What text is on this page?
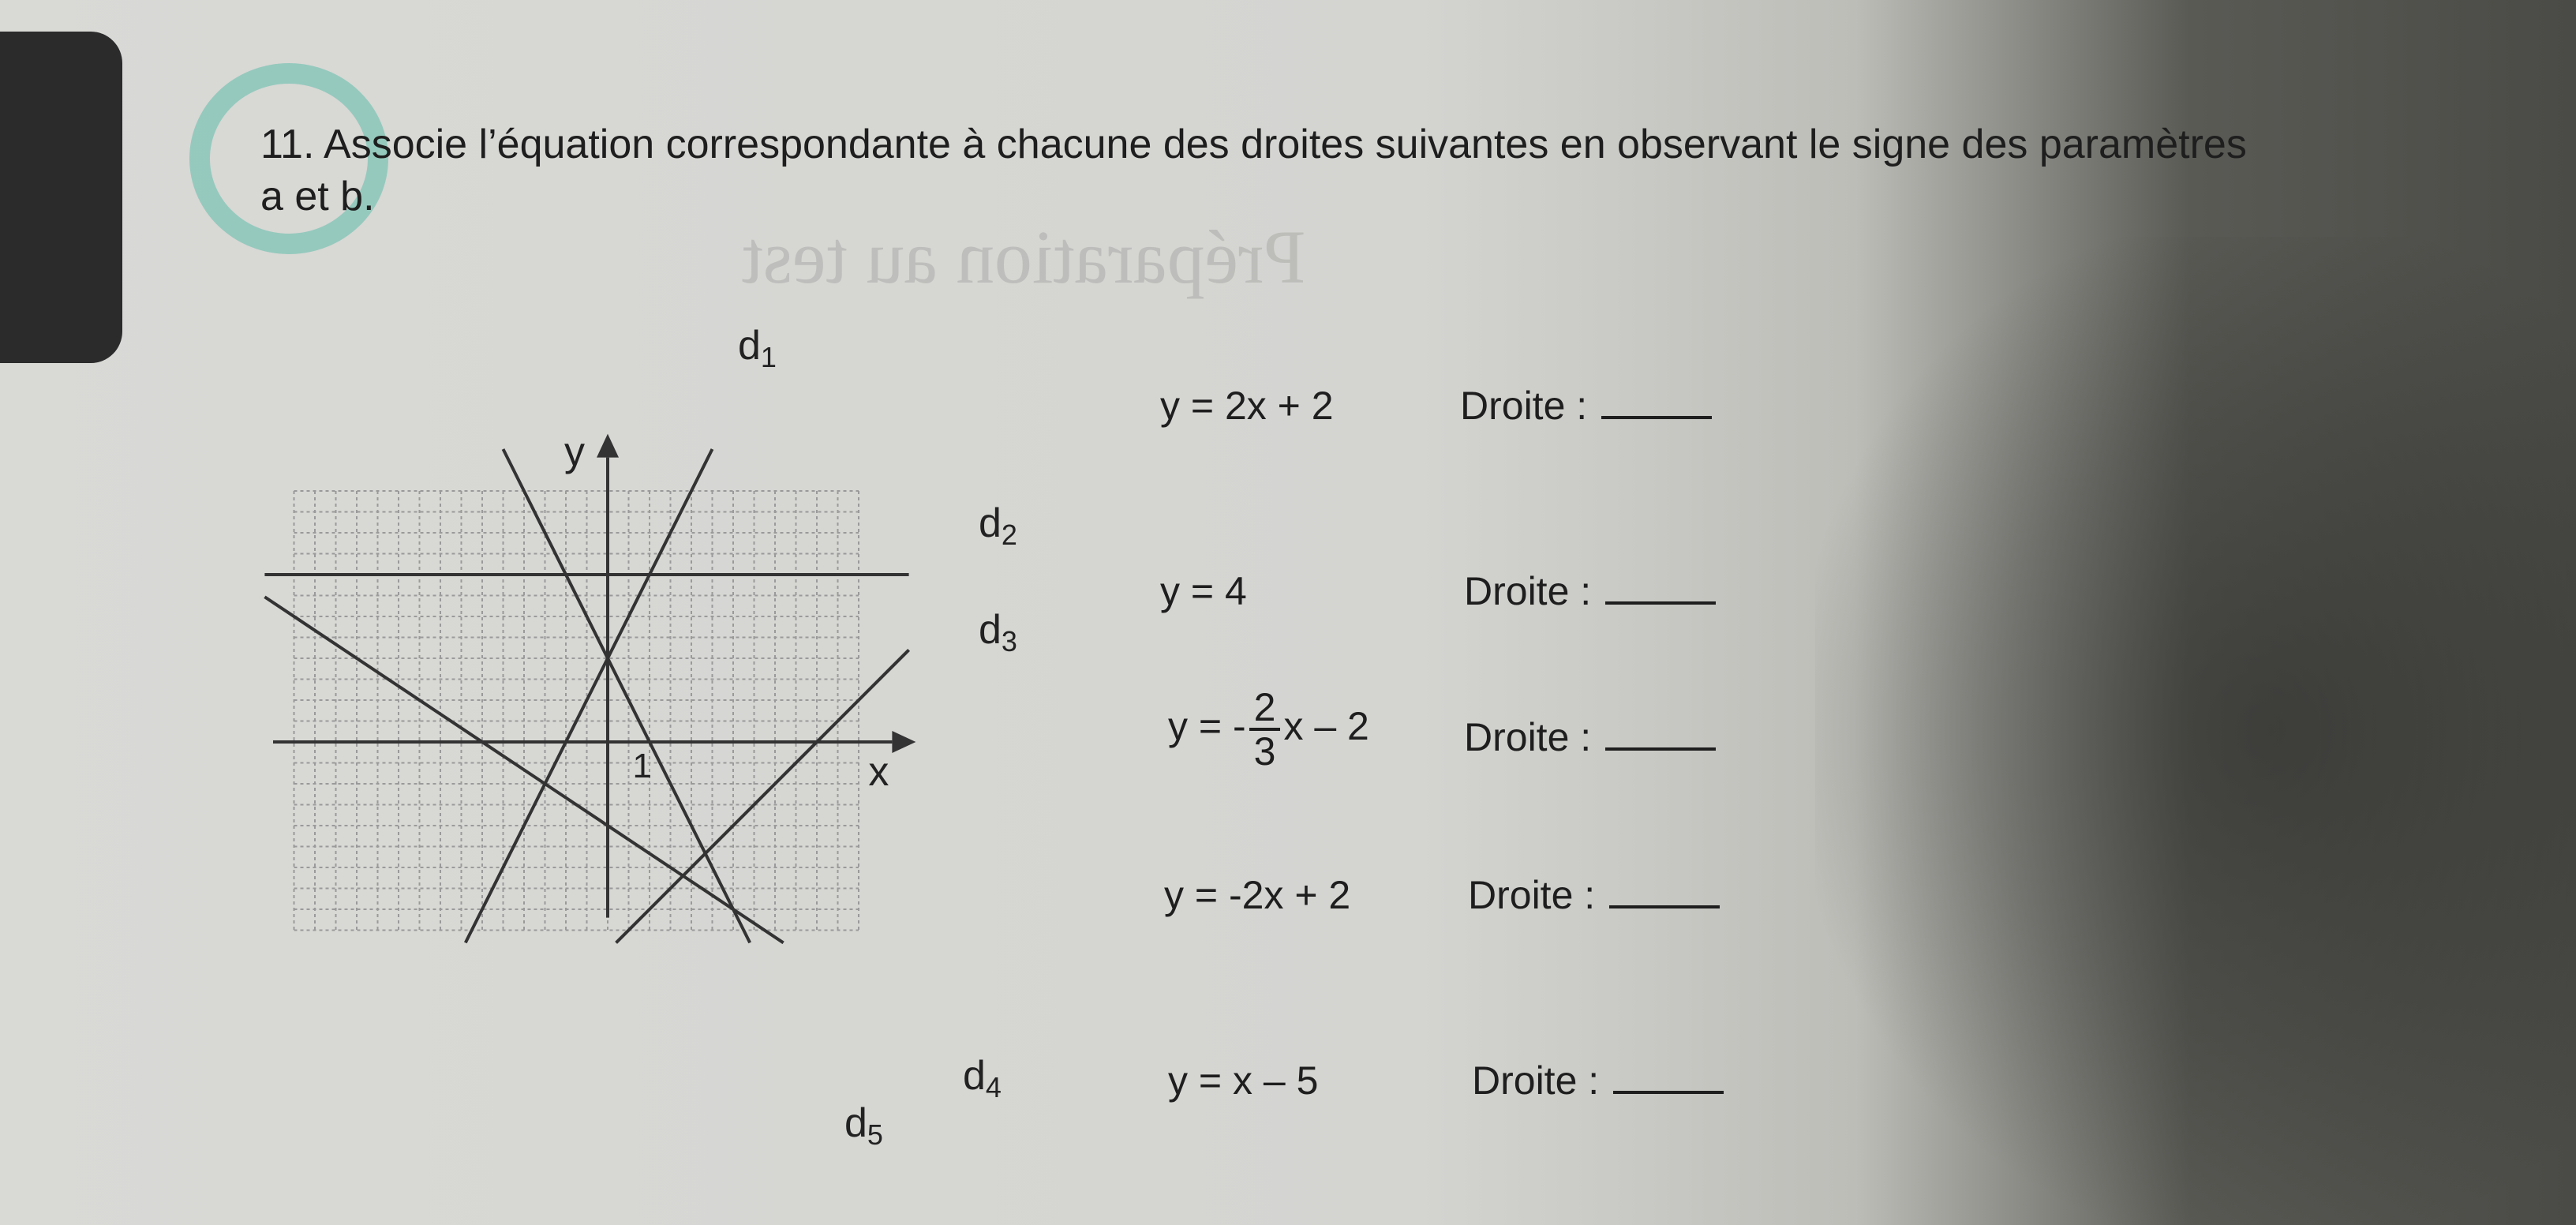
Préparation au test
11. Associe l’équation correspondante à chacune des droites suivantes en observant le signe des paramètres a et b.
y
x
1
d1
d2
d3
d4
d5
y = 2x + 2	Droite :
y = 4	Droite :
y = - $\frac{2}{3}$ x – 2 Droite :
y = -2x + 2	Droite :
y = x – 5	Droite :
